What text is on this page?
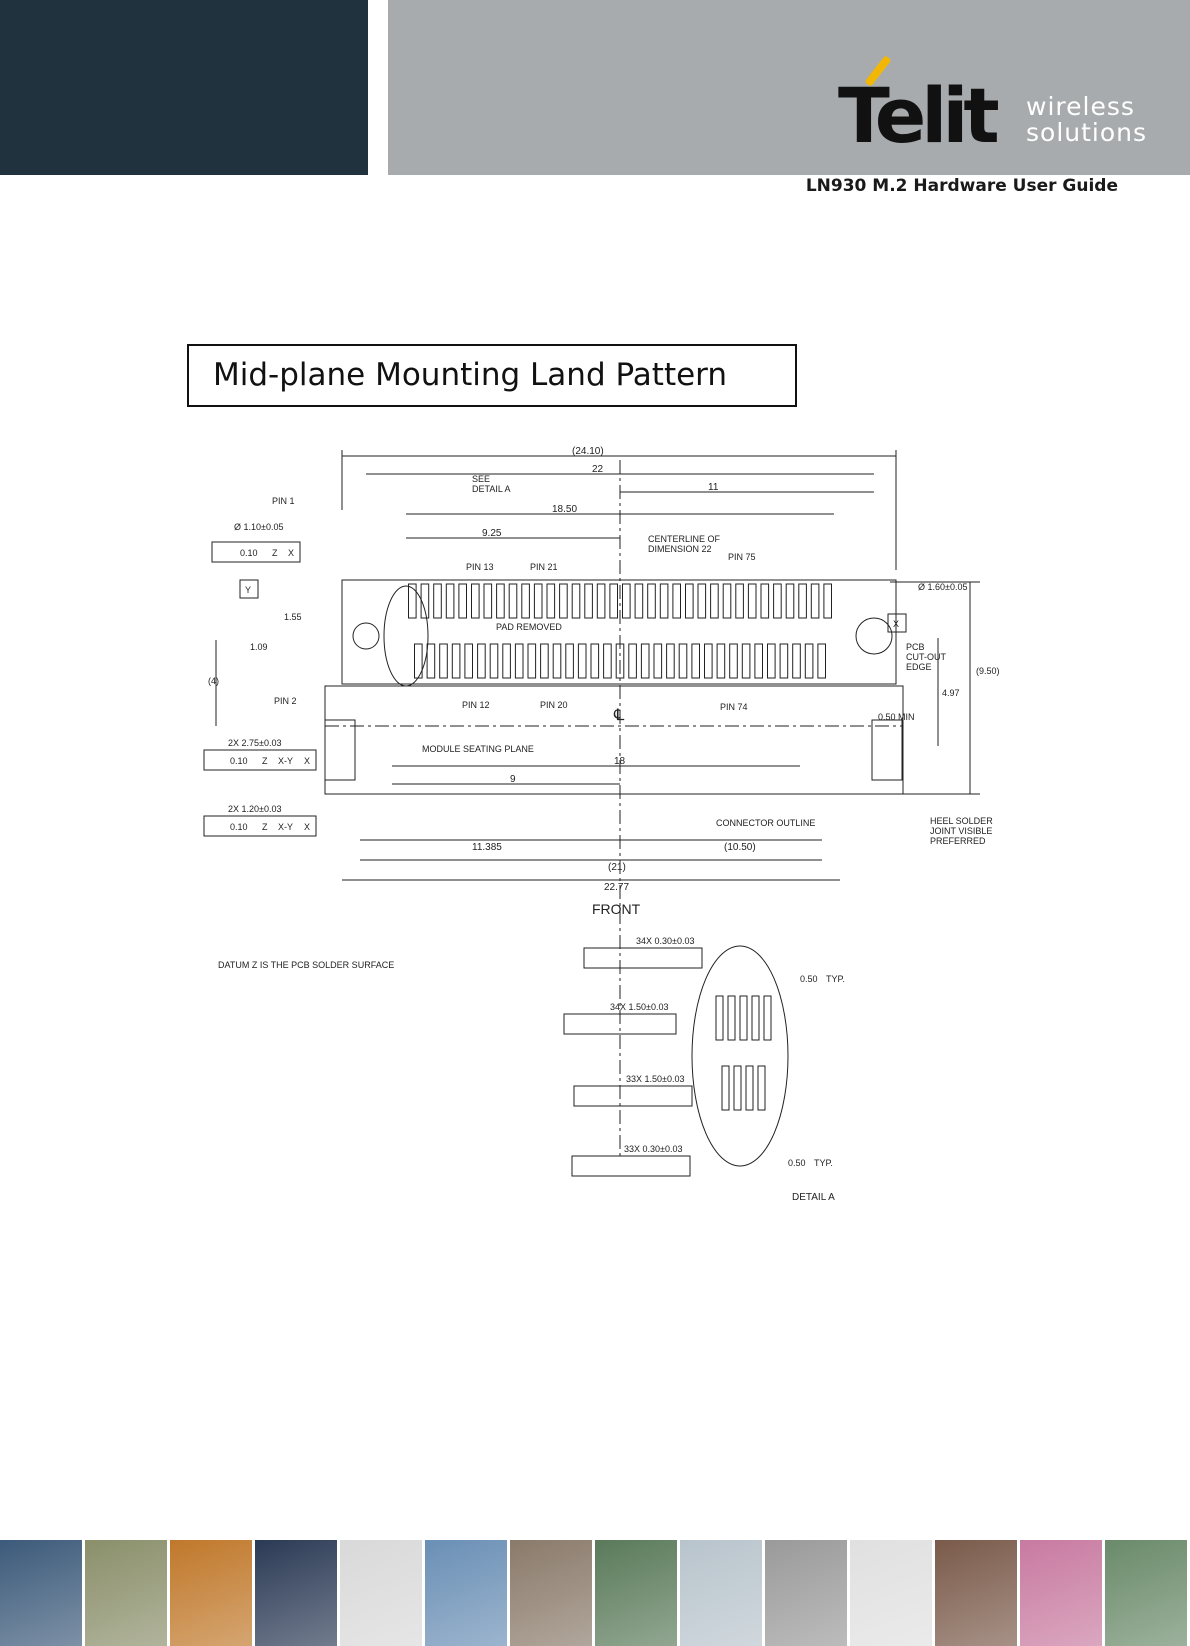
Telit wireless
solutions
LN930 M.2 Hardware User Guide
Mid-plane Mounting Land Pattern
(24.10)
22
11
18.50
9.25
SEE
DETAIL A
PIN 1
Ø 1.10±0.05
0.10 Z X
Y
PIN 13	PIN 21
CENTERLINE OF
DIMENSION 22
PIN 75
Ø 1.60±0.05
X
1.55
1.09
PAD REMOVED
(4)
PCB
CUT-OUT
EDGE	(9.50)
4.97
PIN 2	PIN 12	PIN 20	PIN 74
℄	0.50 MIN
2X 2.75±0.03
0.10 Z X-Y X
MODULE SEATING PLANE
18
9
CONNECTOR OUTLINE
2X 1.20±0.03
0.10 Z X-Y X
HEEL SOLDER
JOINT VISIBLE
PREFERRED
11.385	(10.50)
(21)
22.77
FRONT
DATUM Z IS THE PCB SOLDER SURFACE
34X 0.30±0.03
0.50 TYP.
34X 1.50±0.03
33X 1.50±0.03
33X 0.30±0.03
0.50 TYP.
DETAIL A
